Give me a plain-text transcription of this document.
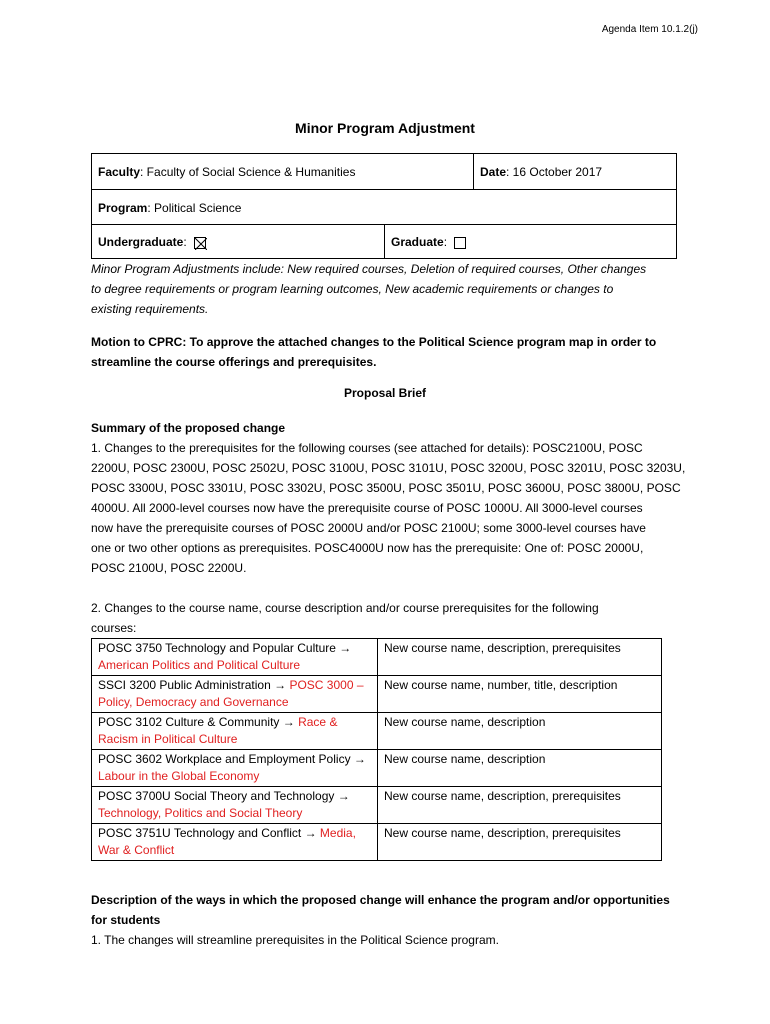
Agenda Item 10.1.2(j)
Minor Program Adjustment
Faculty: Faculty of Social Science & Humanities	Date: 16 October 2017
Program: Political Science
Undergraduate:	Graduate:
Minor Program Adjustments include: New required courses, Deletion of required courses, Other changes
to degree requirements or program learning outcomes, New academic requirements or changes to
existing requirements.
Motion to CPRC: To approve the attached changes to the Political Science program map in order to
streamline the course offerings and prerequisites.
Proposal Brief
Summary of the proposed change
1. Changes to the prerequisites for the following courses (see attached for details): POSC2100U, POSC
2200U, POSC 2300U, POSC 2502U, POSC 3100U, POSC 3101U, POSC 3200U, POSC 3201U, POSC 3203U,
POSC 3300U, POSC 3301U, POSC 3302U, POSC 3500U, POSC 3501U, POSC 3600U, POSC 3800U, POSC
4000U. All 2000-level courses now have the prerequisite course of POSC 1000U. All 3000-level courses
now have the prerequisite courses of POSC 2000U and/or POSC 2100U; some 3000-level courses have
one or two other options as prerequisites. POSC4000U now has the prerequisite: One of: POSC 2000U,
POSC 2100U, POSC 2200U.
2. Changes to the course name, course description and/or course prerequisites for the following
courses:
POSC 3750 Technology and Popular Culture →
American Politics and Political Culture	New course name, description, prerequisites
SSCI 3200 Public Administration → POSC 3000 –
Policy, Democracy and Governance	New course name, number, title, description
POSC 3102 Culture & Community → Race &
Racism in Political Culture	New course name, description
POSC 3602 Workplace and Employment Policy →
Labour in the Global Economy	New course name, description
POSC 3700U Social Theory and Technology →
Technology, Politics and Social Theory	New course name, description, prerequisites
POSC 3751U Technology and Conflict → Media,
War & Conflict	New course name, description, prerequisites
Description of the ways in which the proposed change will enhance the program and/or opportunities
for students
1. The changes will streamline prerequisites in the Political Science program.
